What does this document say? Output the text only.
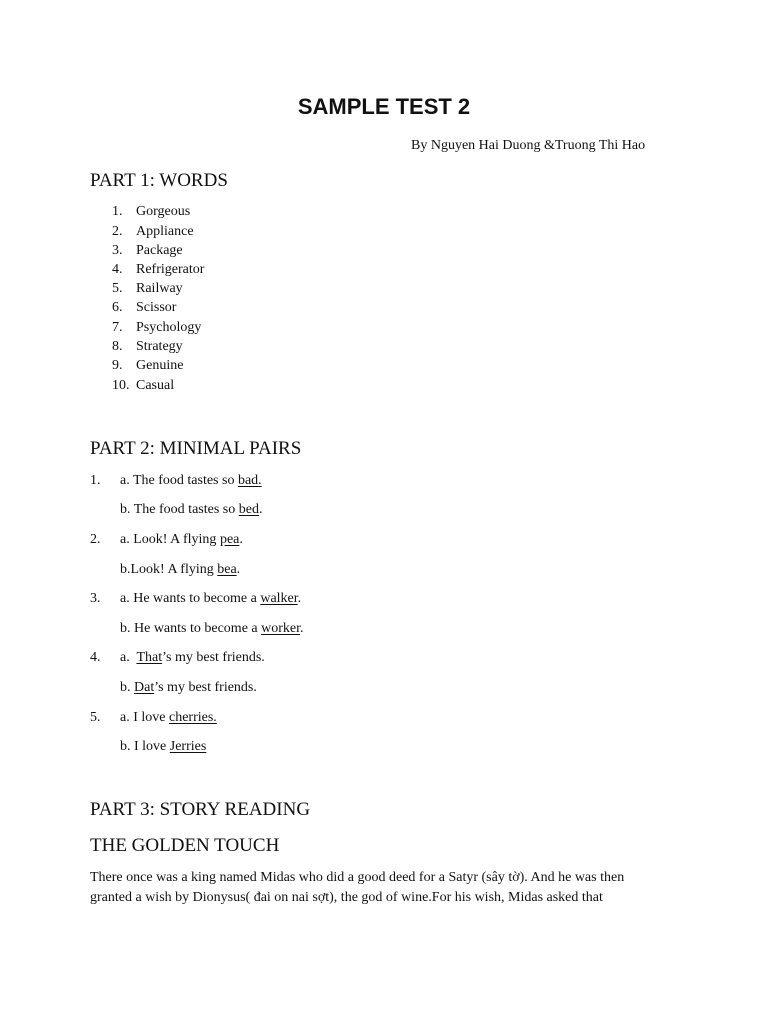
SAMPLE TEST 2
By Nguyen Hai Duong &Truong Thi Hao
PART 1: WORDS
1. Gorgeous
2. Appliance
3. Package
4. Refrigerator
5. Railway
6. Scissor
7. Psychology
8. Strategy
9. Genuine
10. Casual
PART 2: MINIMAL PAIRS
1. a. The food tastes so bad.
b. The food tastes so bed.
2. a. Look! A flying pea.
b.Look! A flying bea.
3. a. He wants to become a walker.
b. He wants to become a worker.
4. a.  That’s my best friends.
b. Dat’s my best friends.
5. a. I love cherries.
b. I love Jerries
PART 3: STORY READING
THE GOLDEN TOUCH
There once was a king named Midas who did a good deed for a Satyr (sây tờ). And he was then
granted a wish by Dionysus( đai on nai sợt), the god of wine.For his wish, Midas asked that
